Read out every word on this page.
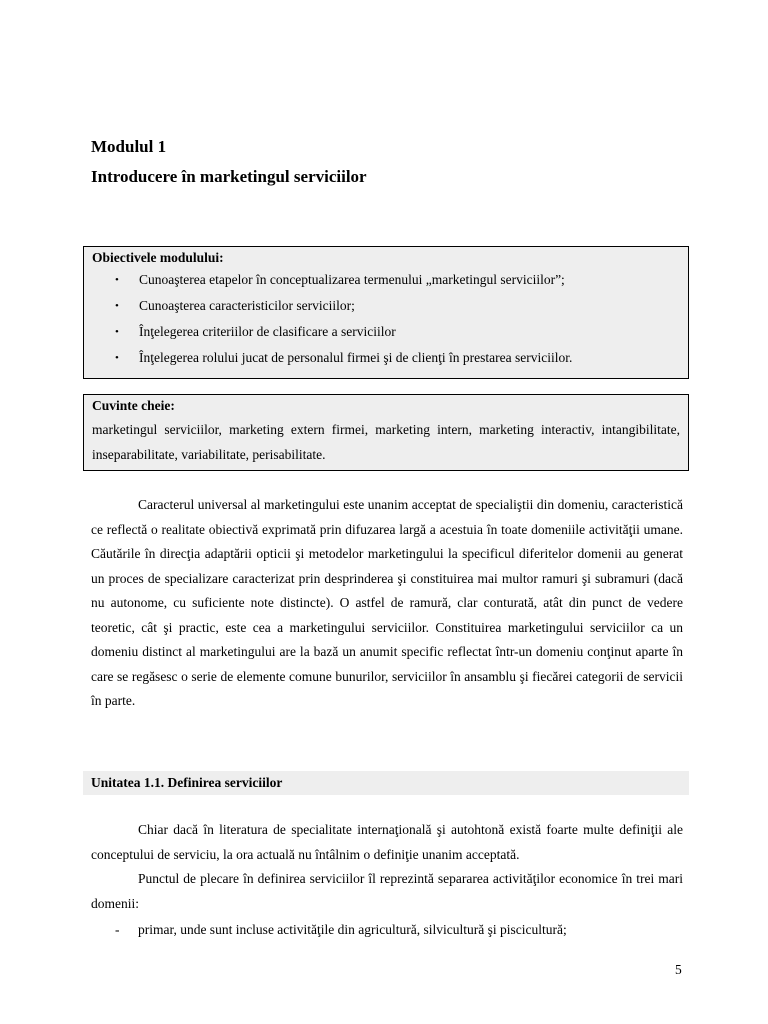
Modulul 1
Introducere în marketingul serviciilor
Obiectivele modulului:
• Cunoaşterea etapelor în conceptualizarea termenului „marketingul serviciilor”;
• Cunoaşterea caracteristicilor serviciilor;
• Înţelegerea criteriilor de clasificare a serviciilor
• Înţelegerea rolului jucat de personalul firmei şi de clienţi în prestarea serviciilor.
Cuvinte cheie:
marketingul serviciilor, marketing extern firmei, marketing intern, marketing interactiv, intangibilitate, inseparabilitate, variabilitate, perisabilitate.

Caracterul universal al marketingului este unanim acceptat de specialiştii din domeniu, caracteristică ce reflectă o realitate obiectivă exprimată prin difuzarea largă a acestuia în toate domeniile activităţii umane. Căutările în direcţia adaptării opticii şi metodelor marketingului la specificul diferitelor domenii au generat un proces de specializare caracterizat prin desprinderea şi constituirea mai multor ramuri şi subramuri (dacă nu autonome, cu suficiente note distincte). O astfel de ramură, clar conturată, atât din punct de vedere teoretic, cât şi practic, este cea a marketingului serviciilor. Constituirea marketingului serviciilor ca un domeniu distinct al marketingului are la bază un anumit specific reflectat într-un domeniu conţinut aparte în care se regăsesc o serie de elemente comune bunurilor, serviciilor în ansamblu şi fiecărei categorii de servicii în parte.

Unitatea 1.1. Definirea serviciilor

Chiar dacă în literatura de specialitate internaţională şi autohtonă există foarte multe definiţii ale conceptului de serviciu, la ora actuală nu întâlnim o definiţie unanim acceptată.

Punctul de plecare în definirea serviciilor îl reprezintă separarea activităţilor economice în trei mari domenii:

- primar, unde sunt incluse activităţile din agricultură, silvicultură şi piscicultură;
5
